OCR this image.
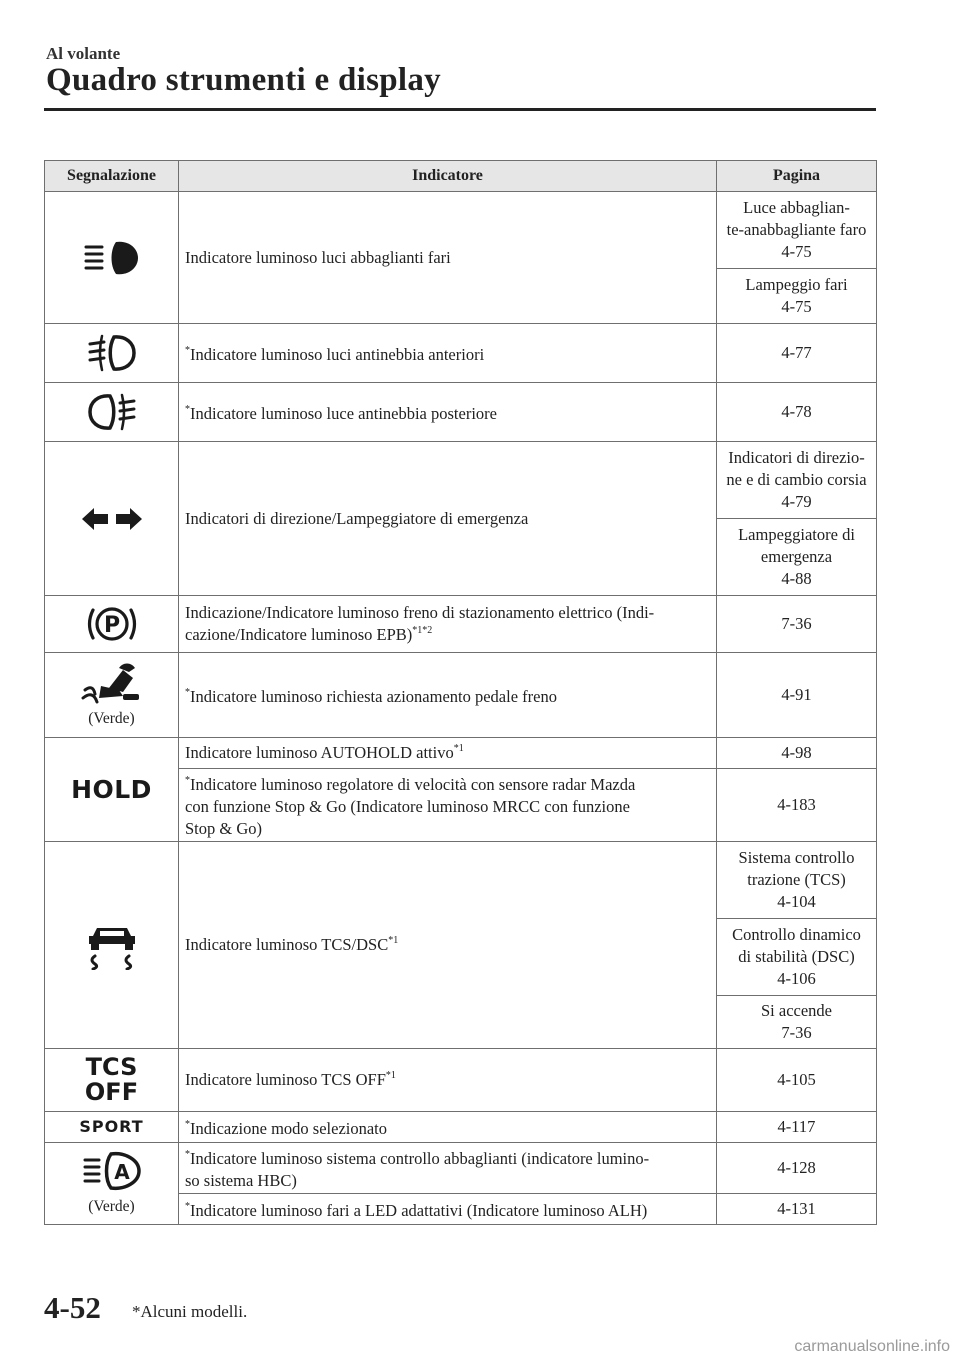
Al volante
Quadro strumenti e display
Segnalazione	Indicatore	Pagina

	Indicatore luminoso luci abbaglianti fari	Luce abbaglian-
te-anabbagliante faro
4-75

		Lampeggio fari
4-75

	*Indicatore luminoso luci antinebbia anteriori	4-77

	*Indicatore luminoso luce antinebbia posteriore	4-78

	Indicatori di direzione/Lampeggiatore di emergenza	Indicatori di direzio-
ne e di cambio corsia
4-79

		Lampeggiatore di
emergenza
4-88

P	Indicazione/Indicatore luminoso freno di stazionamento elettrico (Indi-
cazione/Indicatore luminoso EPB)$^{*1*2}$	7-36

(Verde)	*Indicatore luminoso richiesta azionamento pedale freno	4-91

HOLD	Indicatore luminoso AUTOHOLD attivo$^{*1}$	4-98
	*Indicatore luminoso regolatore di velocità con sensore radar Mazda
con funzione Stop & Go (Indicatore luminoso MRCC con funzione
Stop & Go)	4-183

	Indicatore luminoso TCS/DSC$^{*1}$	Sistema controllo
trazione (TCS)
4-104

		Controllo dinamico
di stabilità (DSC)
4-106

		Si accende
7-36

TCS
OFF	Indicatore luminoso TCS OFF$^{*1}$	4-105

SPORT	*Indicazione modo selezionato	4-117

A
(Verde)	*Indicatore luminoso sistema controllo abbaglianti (indicatore lumino-
so sistema HBC)	4-128
	*Indicatore luminoso fari a LED adattativi (Indicatore luminoso ALH)	4-131
4-52 *Alcuni modelli.
carmanualsonline.info
